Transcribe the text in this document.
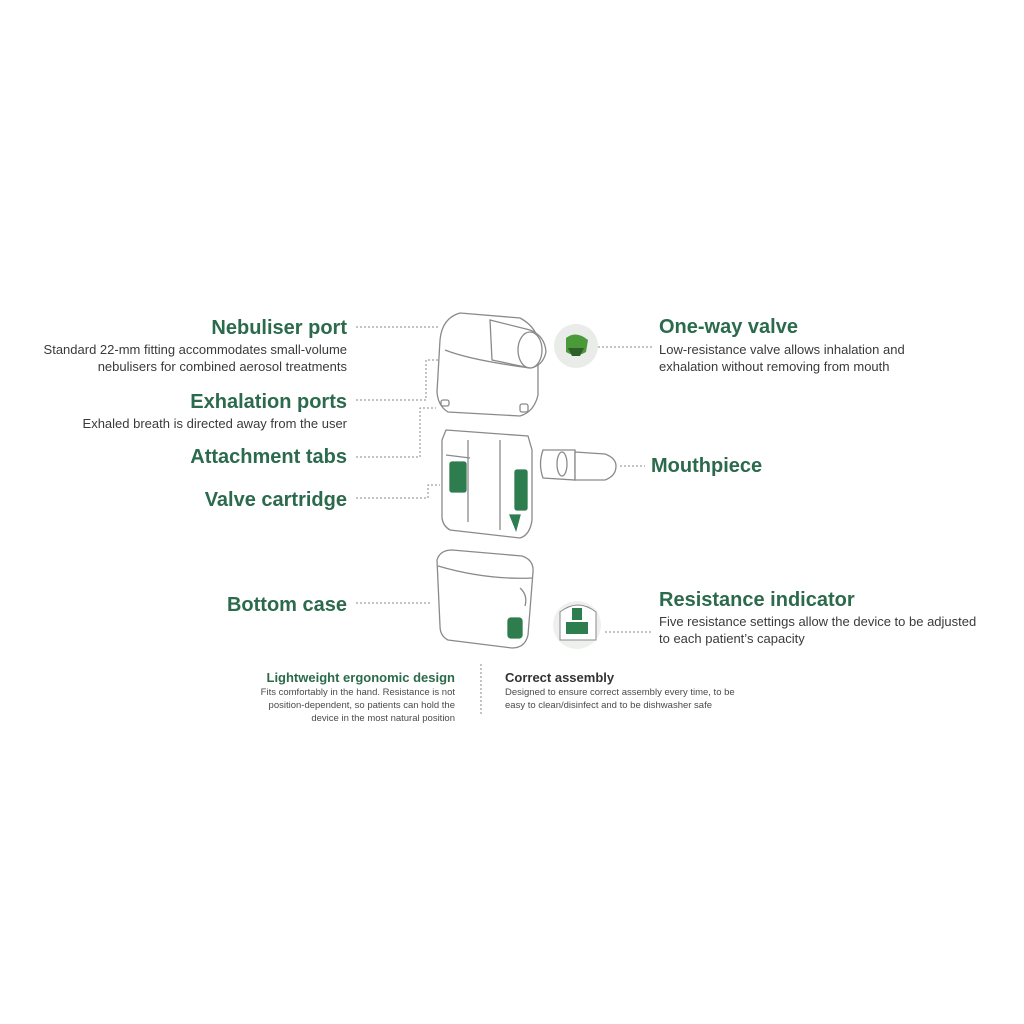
Nebuliser port
Standard 22-mm fitting accommodates small-volume
nebulisers for combined aerosol treatments
Exhalation ports
Exhaled breath is directed away from the user
Attachment tabs
Valve cartridge
Bottom case
One-way valve
Low-resistance valve allows inhalation and
exhalation without removing from mouth
Mouthpiece
Resistance indicator
Five resistance settings allow the device to be adjusted
to each patient’s capacity
Lightweight ergonomic design
Fits comfortably in the hand. Resistance is not
position-dependent, so patients can hold the
device in the most natural position
Correct assembly
Designed to ensure correct assembly every time, to be
easy to clean/disinfect and to be dishwasher safe
